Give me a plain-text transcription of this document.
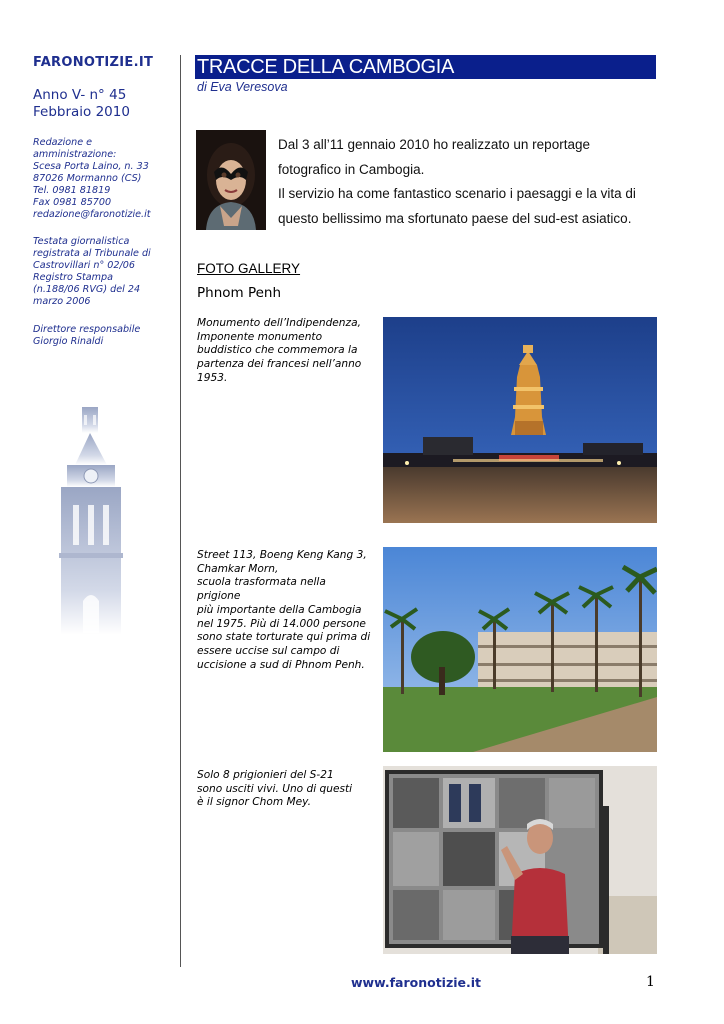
FARONOTIZIE.IT
Anno V- n° 45
Febbraio 2010
Redazione e
amministrazione:
Scesa Porta Laino, n. 33
87026 Mormanno (CS)
Tel. 0981 81819
Fax 0981 85700
redazione@faronotizie.it
Testata giornalistica
registrata al Tribunale di
Castrovillari n° 02/06
Registro Stampa
(n.188/06 RVG) del 24
marzo 2006
Direttore responsabile
Giorgio Rinaldi
TRACCE DELLA CAMBOGIA
di Eva Veresova
Dal 3 all’11 gennaio 2010 ho realizzato un reportage
fotografico in Cambogia.
Il servizio ha come fantastico scenario i paesaggi e la vita di
questo bellissimo ma sfortunato paese del sud-est asiatico.
FOTO GALLERY
Phnom Penh
Monumento dell’Indipendenza,
Imponente monumento
buddistico che commemora la
partenza dei francesi nell’anno
1953.
Street 113, Boeng Keng Kang 3,
Chamkar Morn,
scuola trasformata nella prigione
più importante della Cambogia
nel 1975. Più di 14.000 persone
sono state torturate qui prima di
essere uccise sul campo di
uccisione a sud di Phnom Penh.
Solo 8 prigionieri del S-21
sono usciti vivi. Uno di questi
è il signor Chom Mey.
www.faronotizie.it	1
